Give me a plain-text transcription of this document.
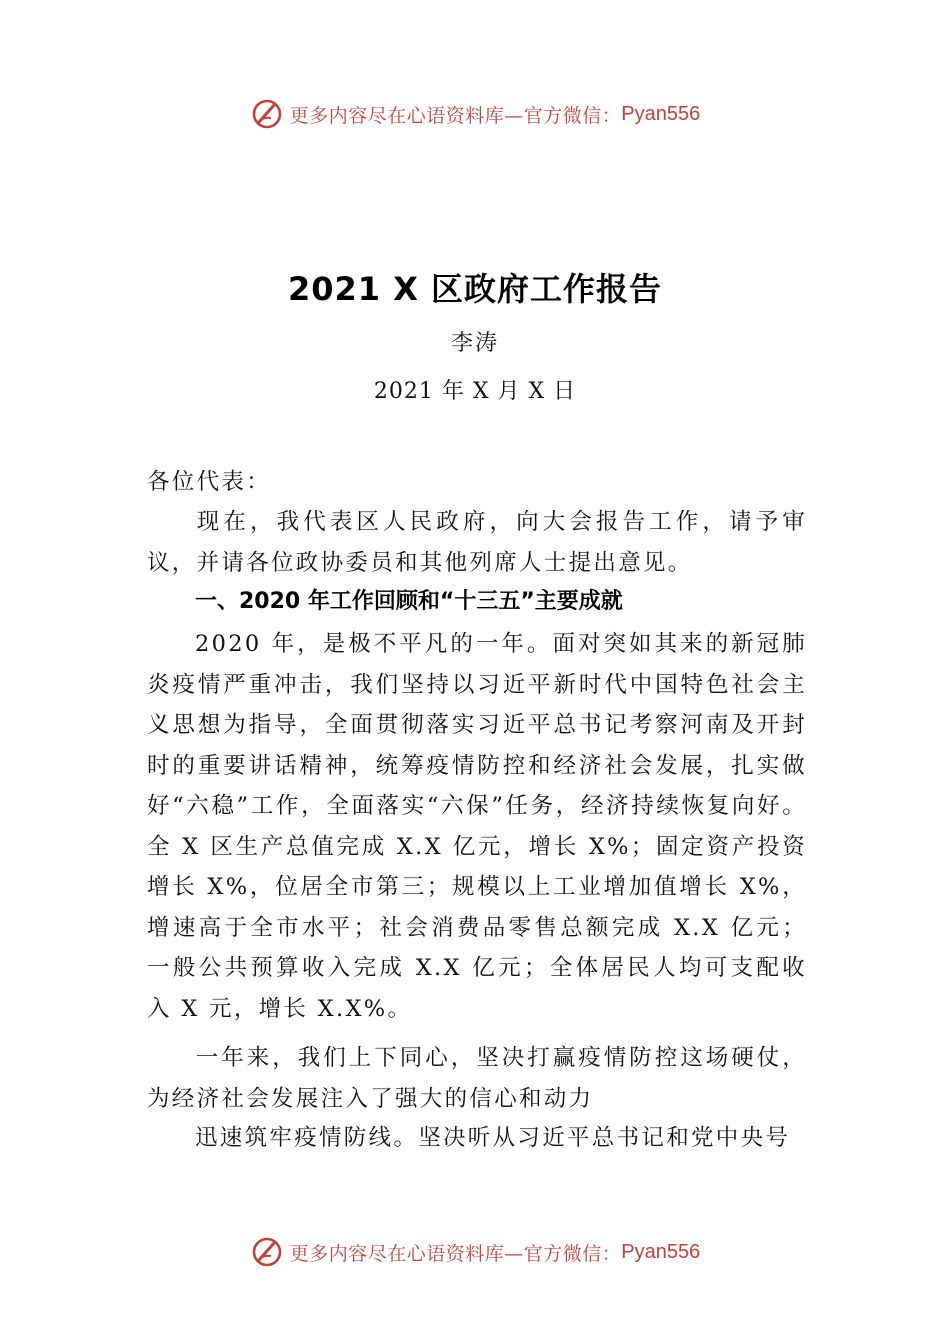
更多内容尽在心语资料库—官方微信： Pyan556
2021 X 区政府工作报告
李涛
2021 年 X 月 X 日

各位代表：

现在，我代表区人民政府，向大会报告工作，请予审议，并请各位政协委员和其他列席人士提出意见。

一、2020 年工作回顾和“十三五”主要成就

2020 年，是极不平凡的一年。面对突如其来的新冠肺炎疫情严重冲击，我们坚持以习近平新时代中国特色社会主义思想为指导，全面贯彻落实习近平总书记考察河南及开封时的重要讲话精神，统筹疫情防控和经济社会发展，扎实做好“六稳”工作，全面落实“六保”任务，经济持续恢复向好。全 X 区生产总值完成 X.X 亿元，增长 X%；固定资产投资增长 X%，位居全市第三；规模以上工业增加值增长 X%，增速高于全市水平；社会消费品零售总额完成 X.X 亿元；一般公共预算收入完成 X.X 亿元；全体居民人均可支配收入 X 元，增长 X.X%。

一年来，我们上下同心，坚决打赢疫情防控这场硬仗，为经济社会发展注入了强大的信心和动力

迅速筑牢疫情防线。坚决听从习近平总书记和党中央号

更多内容尽在心语资料库—官方微信： Pyan556
